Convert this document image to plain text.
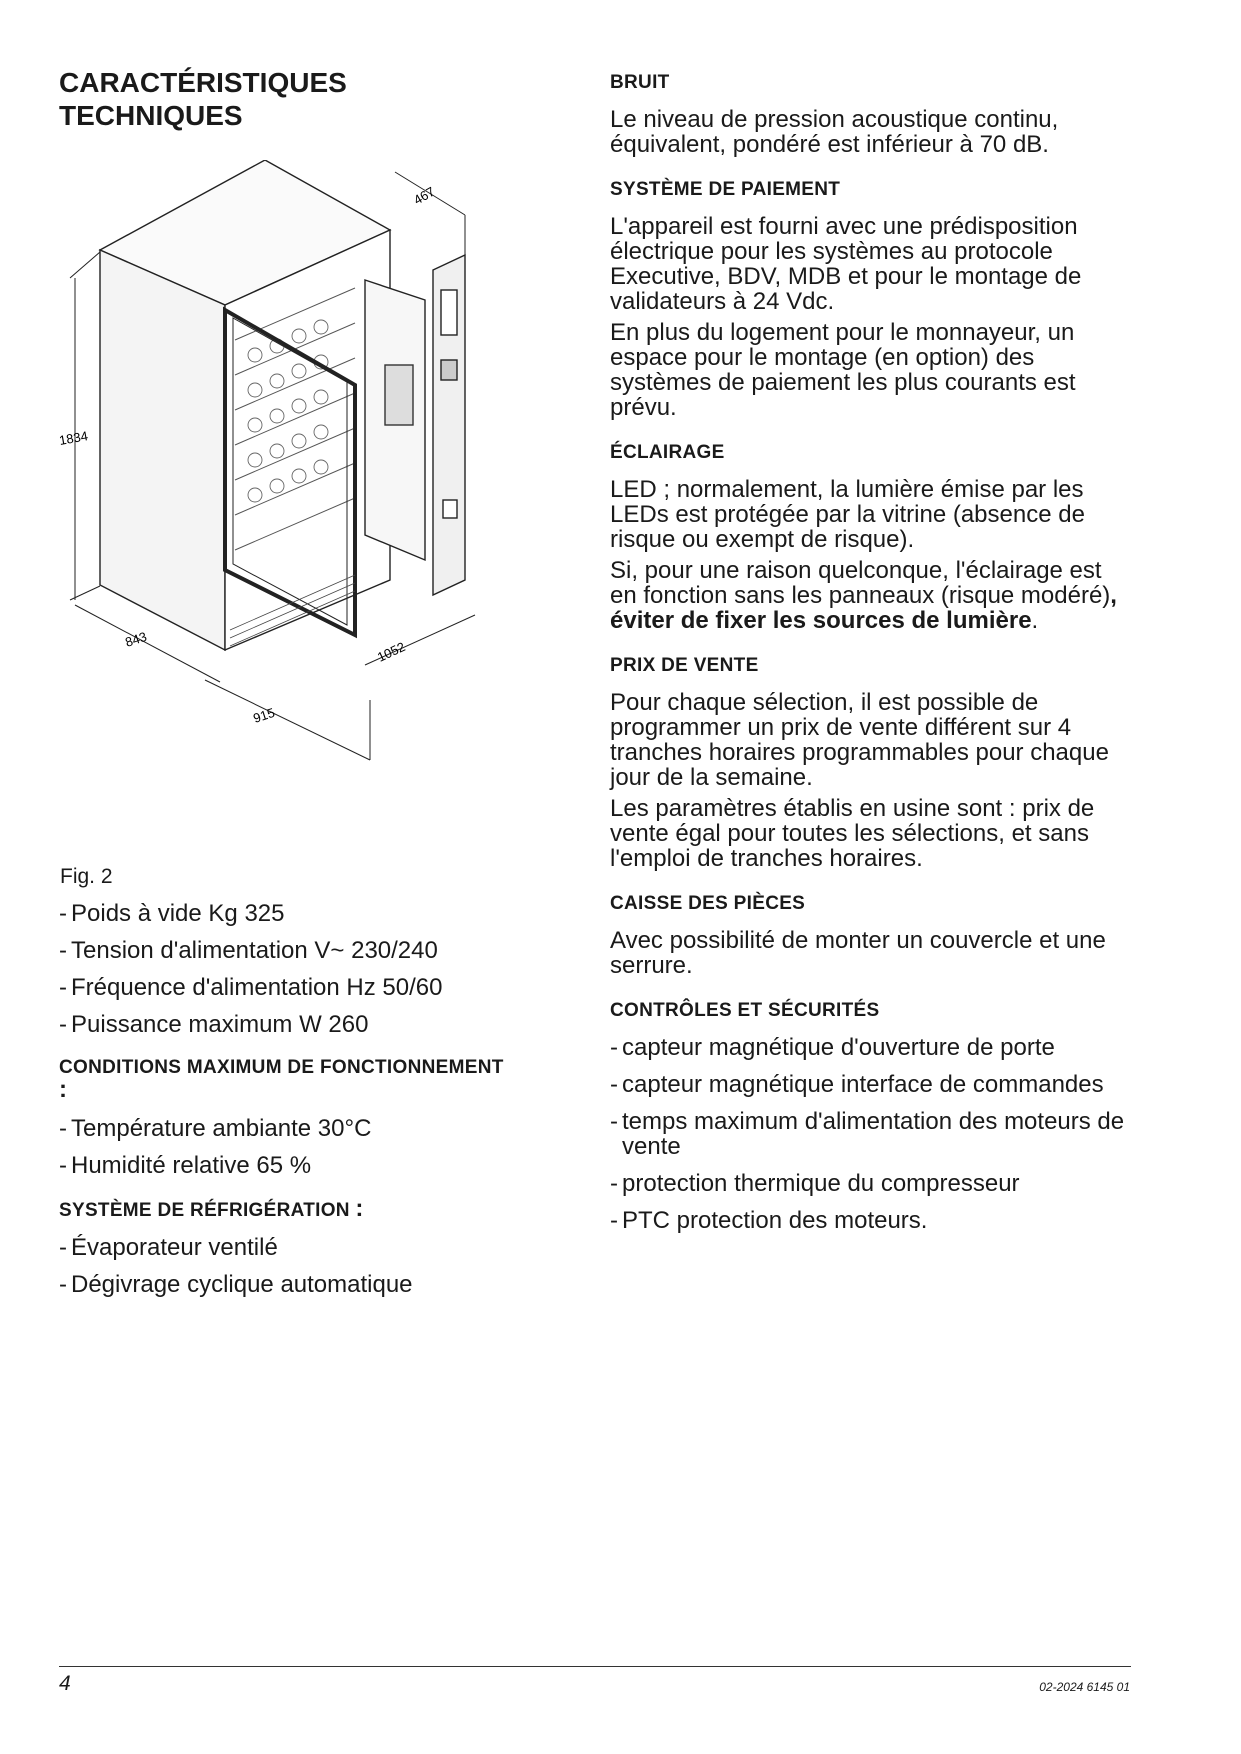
CARACTÉRISTIQUES
TECHNIQUES
1834
843
915
1052
467
Fig. 2
- Poids à vide Kg 325
- Tension d'alimentation V~ 230/240
- Fréquence d'alimentation Hz 50/60
- Puissance maximum W 260
CONDITIONS MAXIMUM DE FONCTIONNEMENT
:
- Température ambiante 30°C
- Humidité relative 65 %
SYSTÈME DE RÉFRIGÉRATION :
- Évaporateur ventilé
- Dégivrage cyclique automatique
BRUIT

Le niveau de pression acoustique continu, équivalent, pondéré est inférieur à 70 dB.

SYSTÈME DE PAIEMENT

L'appareil est fourni avec une prédisposition électrique pour les systèmes au protocole Executive, BDV, MDB et pour le montage de validateurs à 24 Vdc.

En plus du logement pour le monnayeur, un espace pour le montage (en option) des systèmes de paiement les plus courants est prévu.

ÉCLAIRAGE

LED ; normalement, la lumière émise par les LEDs est protégée par la vitrine (absence de risque ou exempt de risque).

Si, pour une raison quelconque, l'éclairage est en fonction sans les panneaux (risque modéré), éviter de fixer les sources de lumière.

PRIX DE VENTE

Pour chaque sélection, il est possible de programmer un prix de vente différent sur 4 tranches horaires programmables pour chaque jour de la semaine.

Les paramètres établis en usine sont : prix de vente égal pour toutes les sélections, et sans l'emploi de tranches horaires.

CAISSE DES PIÈCES

Avec possibilité de monter un couvercle et une serrure.

CONTRÔLES ET SÉCURITÉS
- capteur magnétique d'ouverture de porte
- capteur magnétique interface de commandes
- temps maximum d'alimentation des moteurs de vente
- protection thermique du compresseur
- PTC protection des moteurs.
4	02-2024 6145 01
